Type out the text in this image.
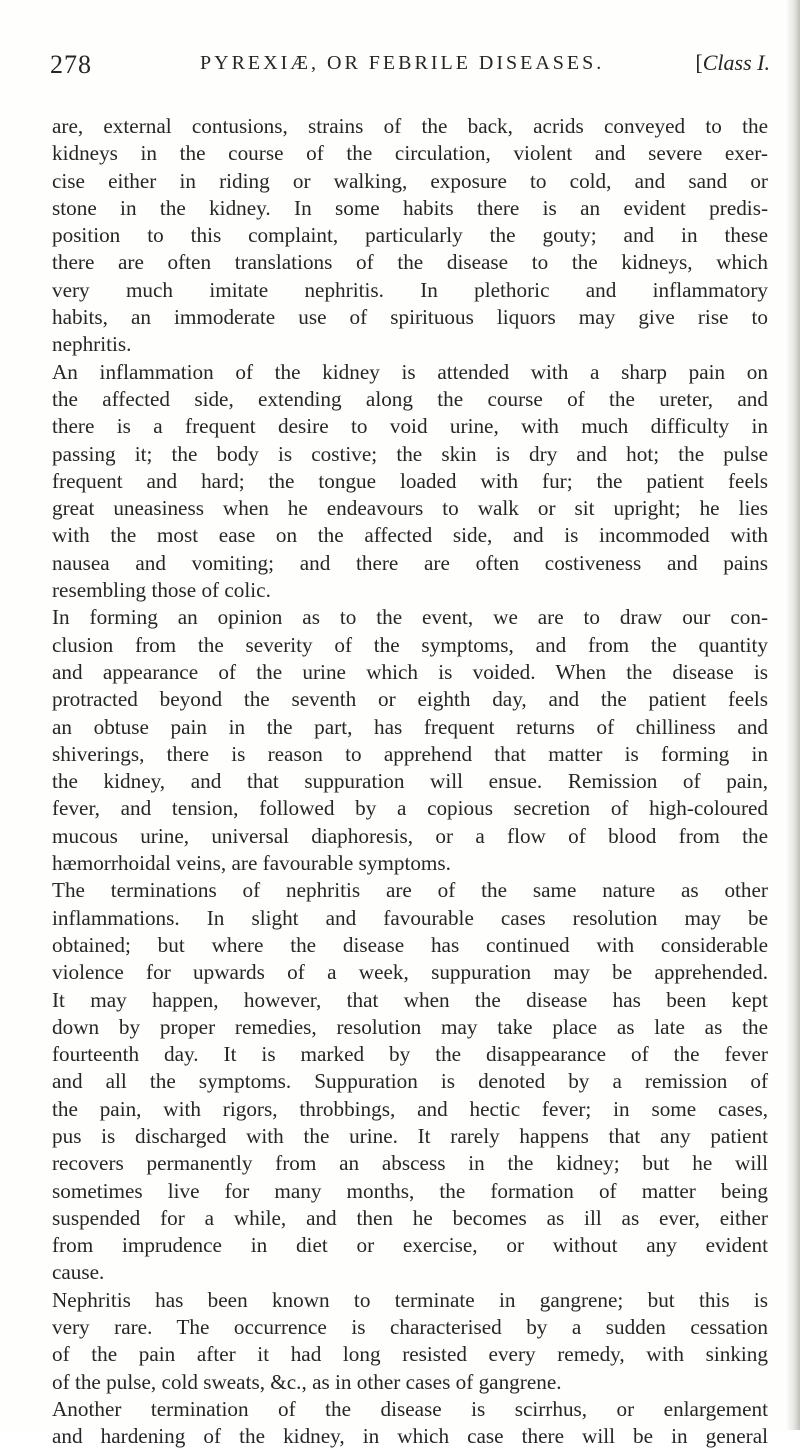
278	PYREXIÆ, OR FEBRILE DISEASES.	[Class I.
are, external contusions, strains of the back, acrids conveyed to the
kidneys in the course of the circulation, violent and severe exer-
cise either in riding or walking, exposure to cold, and sand or
stone in the kidney. In some habits there is an evident predis-
position to this complaint, particularly the gouty; and in these
there are often translations of the disease to the kidneys, which
very much imitate nephritis. In plethoric and inflammatory
habits, an immoderate use of spirituous liquors may give rise to
nephritis.
An inflammation of the kidney is attended with a sharp pain on
the affected side, extending along the course of the ureter, and
there is a frequent desire to void urine, with much difficulty in
passing it; the body is costive; the skin is dry and hot; the pulse
frequent and hard; the tongue loaded with fur; the patient feels
great uneasiness when he endeavours to walk or sit upright; he lies
with the most ease on the affected side, and is incommoded with
nausea and vomiting; and there are often costiveness and pains
resembling those of colic.
In forming an opinion as to the event, we are to draw our con-
clusion from the severity of the symptoms, and from the quantity
and appearance of the urine which is voided. When the disease is
protracted beyond the seventh or eighth day, and the patient feels
an obtuse pain in the part, has frequent returns of chilliness and
shiverings, there is reason to apprehend that matter is forming in
the kidney, and that suppuration will ensue. Remission of pain,
fever, and tension, followed by a copious secretion of high-coloured
mucous urine, universal diaphoresis, or a flow of blood from the
hæmorrhoidal veins, are favourable symptoms.
The terminations of nephritis are of the same nature as other
inflammations. In slight and favourable cases resolution may be
obtained; but where the disease has continued with considerable
violence for upwards of a week, suppuration may be apprehended.
It may happen, however, that when the disease has been kept
down by proper remedies, resolution may take place as late as the
fourteenth day. It is marked by the disappearance of the fever
and all the symptoms. Suppuration is denoted by a remission of
the pain, with rigors, throbbings, and hectic fever; in some cases,
pus is discharged with the urine. It rarely happens that any patient
recovers permanently from an abscess in the kidney; but he will
sometimes live for many months, the formation of matter being
suspended for a while, and then he becomes as ill as ever, either
from imprudence in diet or exercise, or without any evident
cause.
Nephritis has been known to terminate in gangrene; but this is
very rare. The occurrence is characterised by a sudden cessation
of the pain after it had long resisted every remedy, with sinking
of the pulse, cold sweats, &c., as in other cases of gangrene.
Another termination of the disease is scirrhus, or enlargement
and hardening of the kidney, in which case there will be in general
